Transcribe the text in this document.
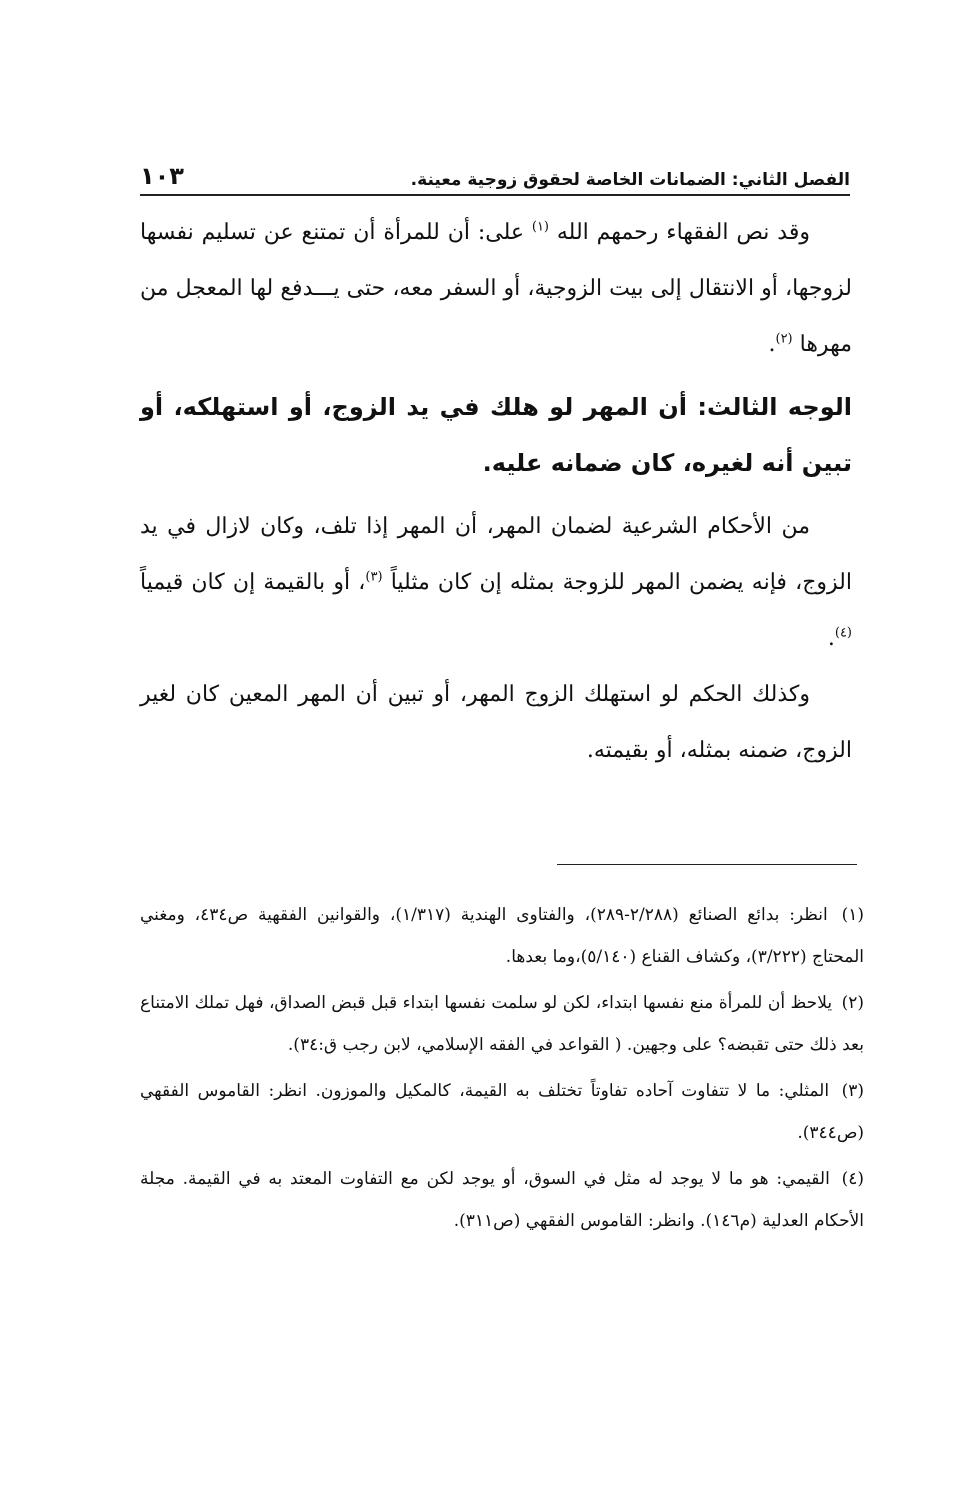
الفصل الثاني: الضمانات الخاصة لحقوق زوجية معينة.
١٠٣

وقد نص الفقهاء رحمهم الله $^{(١)}$ على: أن للمرأة أن تمتنع عن تسليم نفسها لزوجها، أو الانتقال إلى بيت الزوجية، أو السفر معه، حتى يـــدفع لها المعجل من مهرها $^{(٢)}$.

الوجه الثالث: أن المهر لو هلك في يد الزوج، أو استهلكه، أو تبين أنه لغيره، كان ضمانه عليه.

من الأحكام الشرعية لضمان المهر، أن المهر إذا تلف، وكان لازال في يد الزوج، فإنه يضمن المهر للزوجة بمثله إن كان مثلياً $^{(٣)}$، أو بالقيمة إن كان قيمياً $^{(٤)}$.

وكذلك الحكم لو استهلك الزوج المهر، أو تبين أن المهر المعين كان لغير الزوج، ضمنه بمثله، أو بقيمته.

(١) انظر: بدائع الصنائع (٢/٢٨٨-٢٨٩)، والفتاوى الهندية (١/٣١٧)، والقوانين الفقهية ص٤٣٤، ومغني المحتاج (٣/٢٢٢)، وكشاف القناع (٥/١٤٠)،وما بعدها.

(٢) يلاحظ أن للمرأة منع نفسها ابتداء، لكن لو سلمت نفسها ابتداء قبل قبض الصداق، فهل تملك الامتناع بعد ذلك حتى تقبضه؟ على وجهين. ( القواعد في الفقه الإسلامي، لابن رجب ق:٣٤).

(٣) المثلي: ما لا تتفاوت آحاده تفاوتاً تختلف به القيمة، كالمكيل والموزون. انظر: القاموس الفقهي (ص٣٤٤).

(٤) القيمي: هو ما لا يوجد له مثل في السوق، أو يوجد لكن مع التفاوت المعتد به في القيمة. مجلة الأحكام العدلية (م١٤٦). وانظر: القاموس الفقهي (ص٣١١).
